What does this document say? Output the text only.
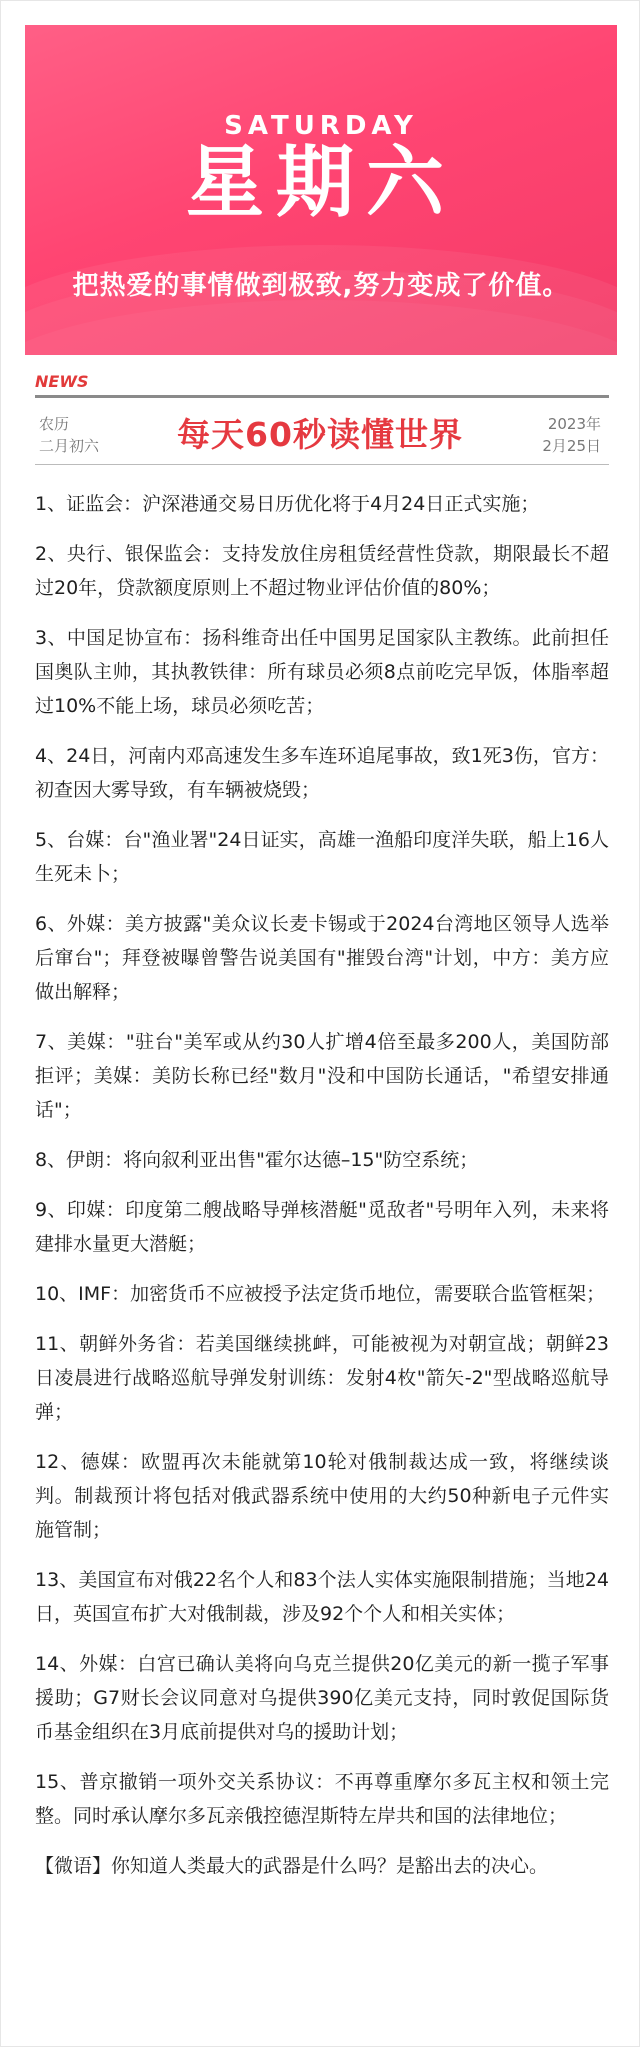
SATURDAY
星期六
把热爱的事情做到极致,努力变成了价值。
NEWS
农历
二月初六	每天60秒读懂世界	2023年
2月25日

1、证监会：沪深港通交易日历优化将于4月24日正式实施；

2、央行、银保监会：支持发放住房租赁经营性贷款，期限最长不超过20年，贷款额度原则上不超过物业评估价值的80%；

3、中国足协宣布：扬科维奇出任中国男足国家队主教练。此前担任国奥队主帅，其执教铁律：所有球员必须8点前吃完早饭，体脂率超过10%不能上场，球员必须吃苦；

4、24日，河南内邓高速发生多车连环追尾事故，致1死3伤，官方：初查因大雾导致，有车辆被烧毁；

5、台媒：台"渔业署"24日证实，高雄一渔船印度洋失联，船上16人生死未卜；

6、外媒：美方披露"美众议长麦卡锡或于2024台湾地区领导人选举后窜台"；拜登被曝曾警告说美国有"摧毁台湾"计划，中方：美方应做出解释；

7、美媒："驻台"美军或从约30人扩增4倍至最多200人，美国防部拒评；美媒：美防长称已经"数月"没和中国防长通话，"希望安排通话"；

8、伊朗：将向叙利亚出售"霍尔达德–15"防空系统；

9、印媒：印度第二艘战略导弹核潜艇"觅敌者"号明年入列，未来将建排水量更大潜艇；

10、IMF：加密货币不应被授予法定货币地位，需要联合监管框架；

11、朝鲜外务省：若美国继续挑衅，可能被视为对朝宣战；朝鲜23日凌晨进行战略巡航导弹发射训练：发射4枚"箭矢-2"型战略巡航导弹；

12、德媒：欧盟再次未能就第10轮对俄制裁达成一致，将继续谈判。制裁预计将包括对俄武器系统中使用的大约50种新电子元件实施管制；

13、美国宣布对俄22名个人和83个法人实体实施限制措施；当地24日，英国宣布扩大对俄制裁，涉及92个个人和相关实体；

14、外媒：白宫已确认美将向乌克兰提供20亿美元的新一揽子军事援助；G7财长会议同意对乌提供390亿美元支持，同时敦促国际货币基金组织在3月底前提供对乌的援助计划；

15、普京撤销一项外交关系协议：不再尊重摩尔多瓦主权和领土完整。同时承认摩尔多瓦亲俄控德涅斯特左岸共和国的法律地位；

【微语】你知道人类最大的武器是什么吗？是豁出去的决心。
